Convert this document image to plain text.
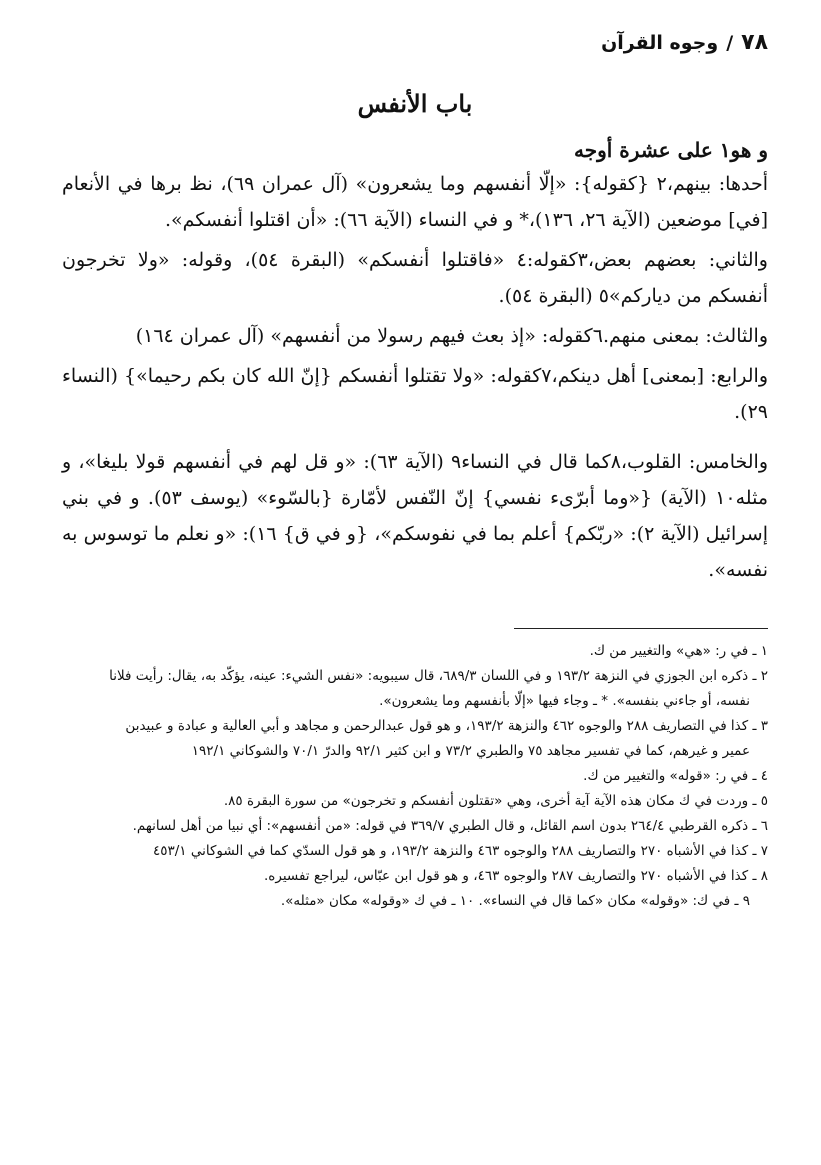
٧٨
/
وجوه القرآن
باب الأنفس
و هو١ على عشرة أوجه
أحدها: بينهم،٢ {كقوله}: «إلّا أنفسهم وما يشعرون» (آل عمران ٦٩)، نظ برها في الأنعام [في] موضعين (الآية ٢٦، ١٣٦)،* و في النساء (الآية ٦٦): «أن اقتلوا أنفسكم».
والثاني: بعضهم بعض،٣كقوله:٤ «فاقتلوا أنفسكم» (البقرة ٥٤)، وقوله: «ولا تخرجون أنفسكم من دياركم»٥ (البقرة ٥٤).
والثالث: بمعنى منهم.٦كقوله: «إذ بعث فيهم رسولا من أنفسهم» (آل عمران ١٦٤)
والرابع: [بمعنى] أهل دينكم،٧كقوله: «ولا تقتلوا أنفسكم {إنّ الله كان بكم رحيما»} (النساء ٢٩).
والخامس: القلوب،٨كما قال في النساء٩ (الآية ٦٣): «و قل لهم في أنفسهم قولا بليغا»، و مثله١٠ (الآية) {«وما أبرّىء نفسي} إنّ النّفس لأمّارة {بالسّوء» (يوسف ٥٣). و في بني إسرائيل (الآية ٢): «ربّكم} أعلم بما في نفوسكم»، {و في ق} ١٦): «و نعلم ما توسوس به نفسه».
١ ـ في ر: «هي» والتغيير من ك.
٢ ـ ذكره ابن الجوزي في النزهة ١٩٣/٢ و في اللسان ٦٨٩/٣، قال سيبويه: «نفس الشيء: عينه، يؤكّد به، يقال: رأيت فلانا
نفسه، أو جاءني بنفسه». * ـ وجاء فيها «إلّا بأنفسهم وما يشعرون».
٣ ـ كذا في التصاريف ٢٨٨ والوجوه ٤٦٢ والنزهة ١٩٣/٢، و هو قول عبدالرحمن و مجاهد و أبي العالية و عبادة و عبيدبن
عمير و غيرهم، كما في تفسير مجاهد ٧٥ والطبري ٧٣/٢ و ابن كثير ٩٢/١ والدرّ ٧٠/١ والشوكاني ١٩٢/١
٤ ـ في ر: «قوله» والتغيير من ك.
٥ ـ وردت في ك مكان هذه الآية آية أخرى، وهي «تقتلون أنفسكم و تخرجون» من سورة البقرة ٨٥.
٦ ـ ذكره القرطبي ٢٦٤/٤ بدون اسم القائل، و قال الطبري ٣٦٩/٧ في قوله: «من أنفسهم»: أي نبيا من أهل لسانهم.
٧ ـ كذا في الأشباه ٢٧٠ والتصاريف ٢٨٨ والوجوه ٤٦٣ والنزهة ١٩٣/٢، و هو قول السدّي كما في الشوكاني ٤٥٣/١
٨ ـ كذا في الأشباه ٢٧٠ والتصاريف ٢٨٧ والوجوه ٤٦٣، و هو قول ابن عبّاس، ليراجع تفسيره.
٩ ـ في ك: «وقوله» مكان «كما قال في النساء». ١٠ ـ في ك «وقوله» مكان «مثله».
